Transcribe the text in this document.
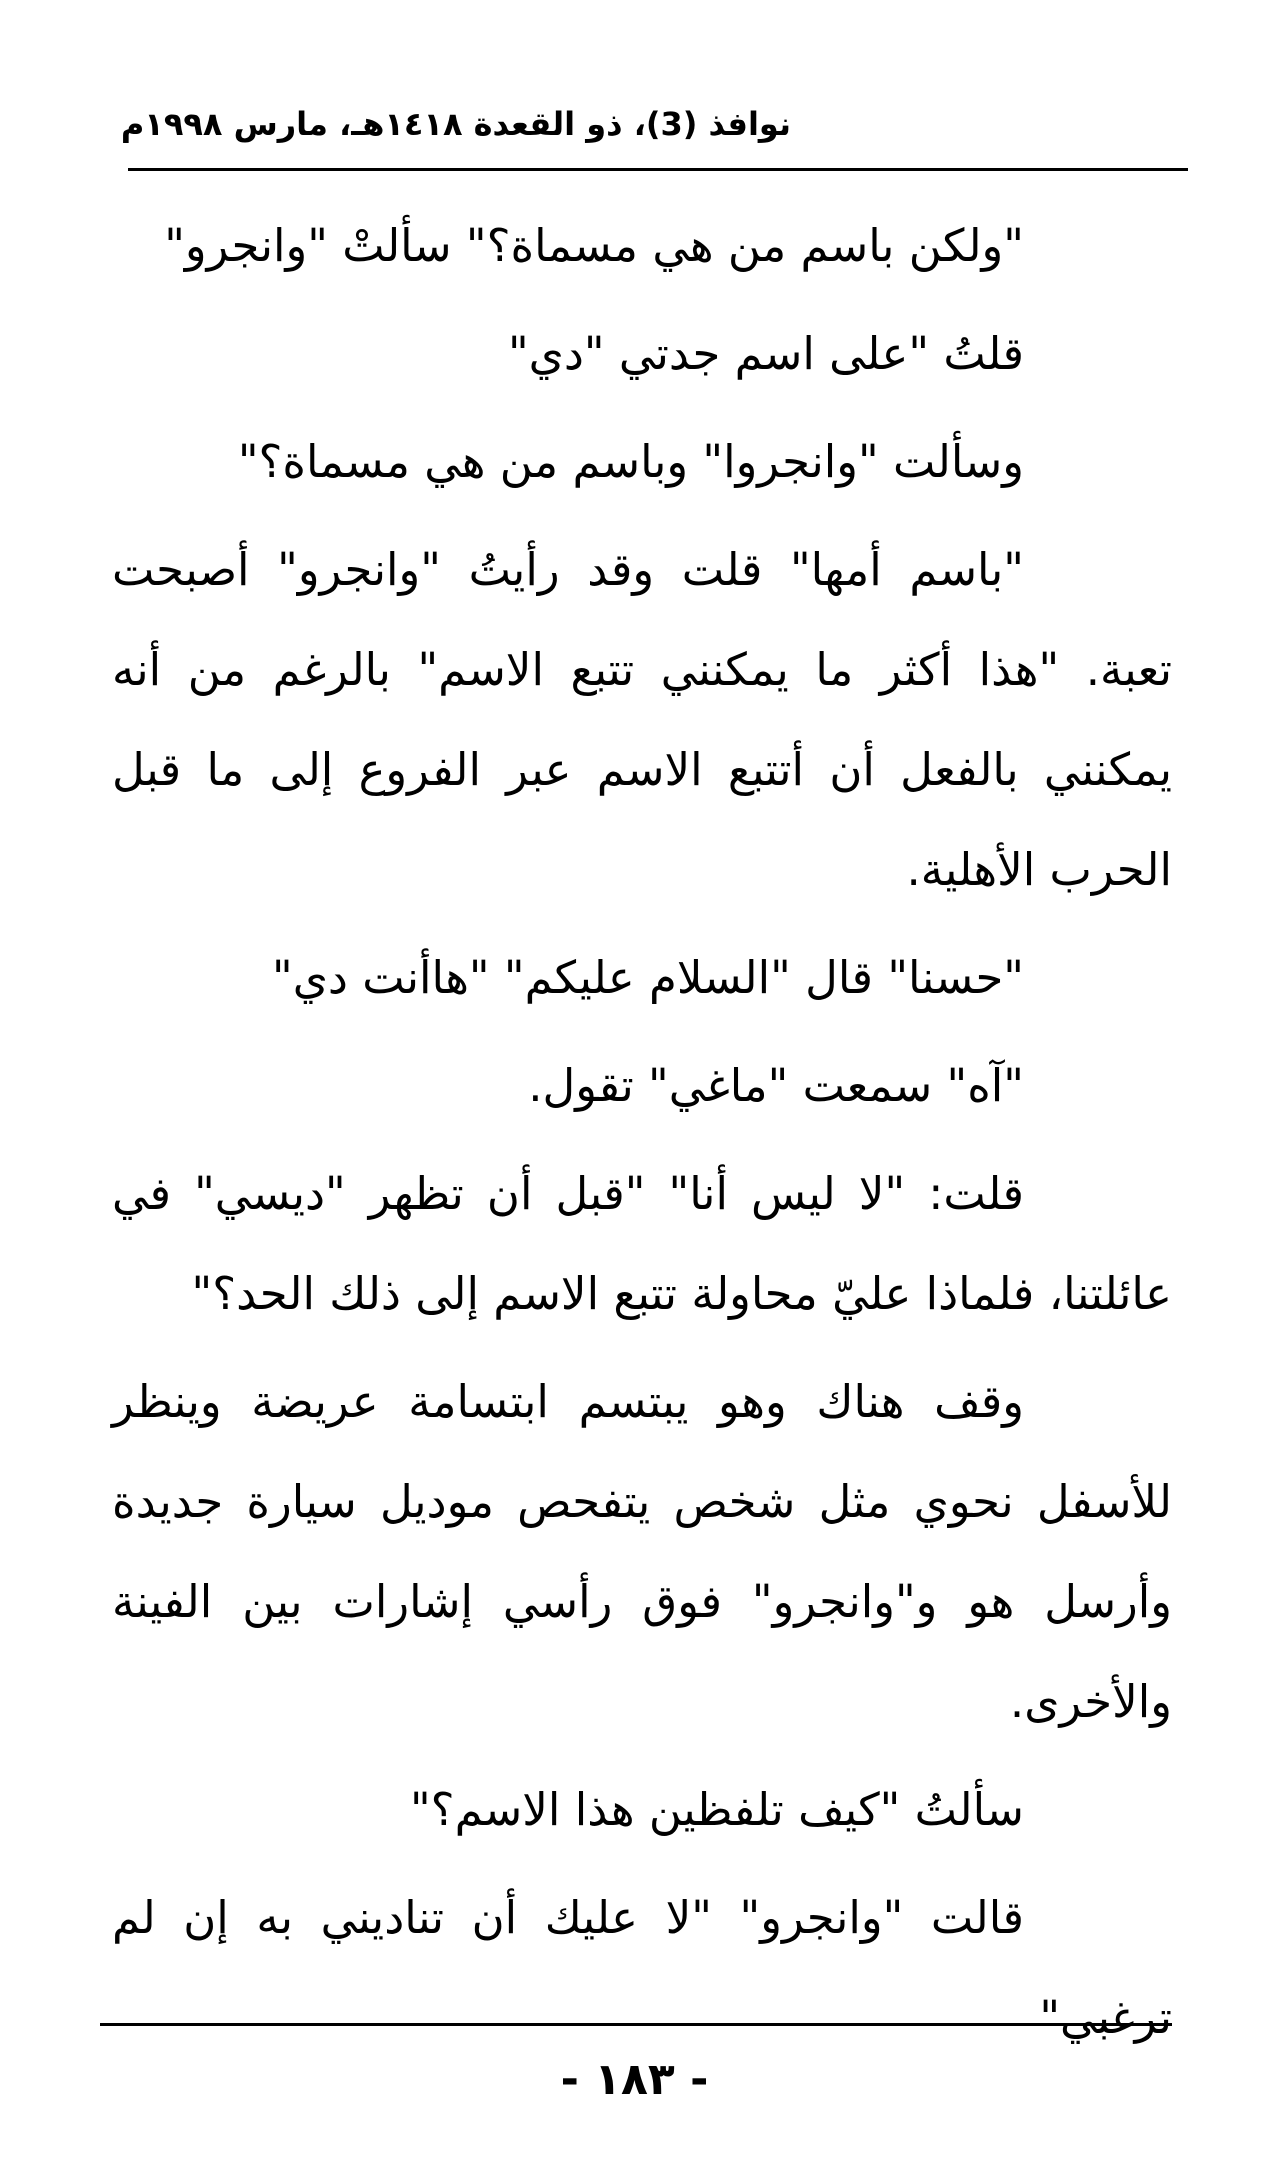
نوافذ (3)، ذو القعدة ١٤١٨هـ، مارس ١٩٩٨م

"ولكن باسم من هي مسماة؟" سألتْ "وانجرو"

قلتُ "على اسم جدتي "دي"

وسألت "وانجروا" وباسم من هي مسماة؟"

"باسم أمها" قلت وقد رأيتُ "وانجرو" أصبحت تعبة. "هذا أكثر ما يمكنني تتبع الاسم" بالرغم من أنه يمكنني بالفعل أن أتتبع الاسم عبر الفروع إلى ما قبل الحرب الأهلية.

"حسنا" قال "السلام عليكم" "هاأنت دي"

"آه" سمعت "ماغي" تقول.

قلت: "لا ليس أنا" "قبل أن تظهر "ديسي" في عائلتنا، فلماذا عليّ محاولة تتبع الاسم إلى ذلك الحد؟"

وقف هناك وهو يبتسم ابتسامة عريضة وينظر للأسفل نحوي مثل شخص يتفحص موديل سيارة جديدة وأرسل هو و"وانجرو" فوق رأسي إشارات بين الفينة والأخرى.

سألتُ "كيف تلفظين هذا الاسم؟"

قالت "وانجرو" "لا عليك أن تناديني به إن لم ترغبي"

- ١٨٣ -
